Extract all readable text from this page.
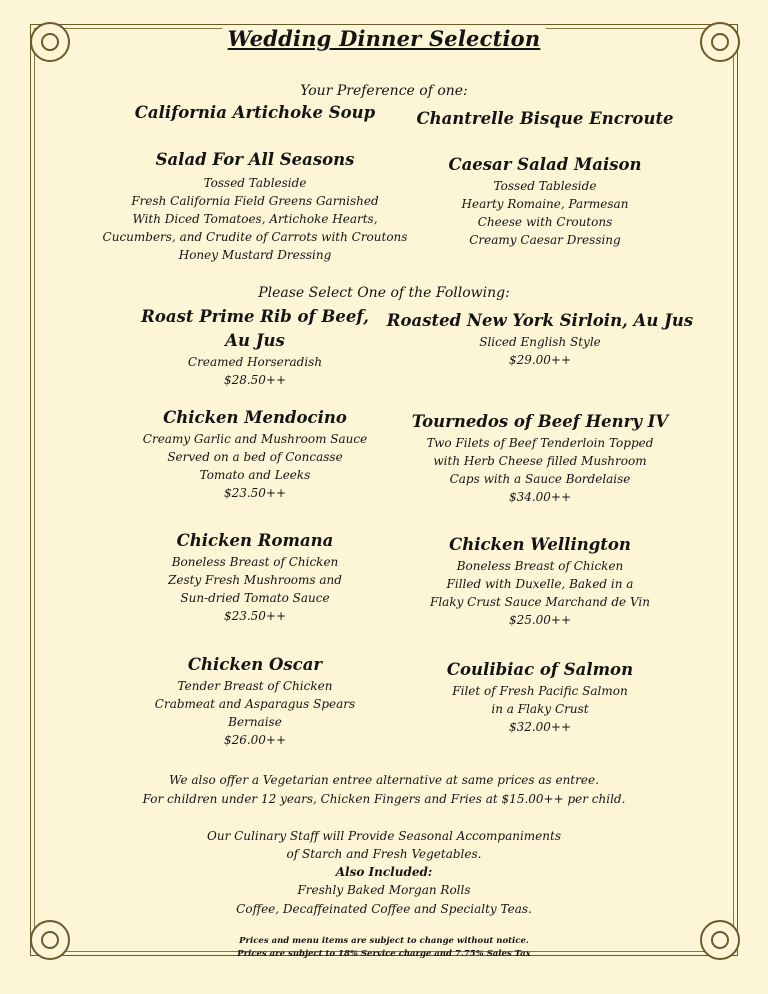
Wedding Dinner Selection
Your Preference of one:
California Artichoke Soup	Chantrelle Bisque Encroute
Salad For All Seasons
Tossed Tableside
Fresh California Field Greens Garnished
With Diced Tomatoes, Artichoke Hearts,
Cucumbers, and Crudite of Carrots with Croutons
Honey Mustard Dressing
Caesar Salad Maison
Tossed Tableside
Hearty Romaine, Parmesan
Cheese with Croutons
Creamy Caesar Dressing
Please Select One of the Following:
Roast Prime Rib of Beef,
Au Jus
Creamed Horseradish
$28.50++
Roasted New York Sirloin, Au Jus
Sliced English Style
$29.00++
Chicken Mendocino
Creamy Garlic and Mushroom Sauce
Served on a bed of Concasse
Tomato and Leeks
$23.50++
Tournedos of Beef Henry IV
Two Filets of Beef Tenderloin Topped
with Herb Cheese filled Mushroom
Caps with a Sauce Bordelaise
$34.00++
Chicken Romana
Boneless Breast of Chicken
Zesty Fresh Mushrooms and
Sun-dried Tomato Sauce
$23.50++
Chicken Wellington
Boneless Breast of Chicken
Filled with Duxelle, Baked in a
Flaky Crust Sauce Marchand de Vin
$25.00++
Chicken Oscar
Tender Breast of Chicken
Crabmeat and Asparagus Spears
Bernaise
$26.00++
Coulibiac of Salmon
Filet of Fresh Pacific Salmon
in a Flaky Crust
$32.00++
We also offer a Vegetarian entree alternative at same prices as entree.
For children under 12 years, Chicken Fingers and Fries at $15.00++ per child.
Our Culinary Staff will Provide Seasonal Accompaniments
of Starch and Fresh Vegetables.
Also Included:
Freshly Baked Morgan Rolls
Coffee, Decaffeinated Coffee and Specialty Teas.
Prices and menu items are subject to change without notice.
Prices are subject to 18% Service charge and 7.75% Sales Tax
